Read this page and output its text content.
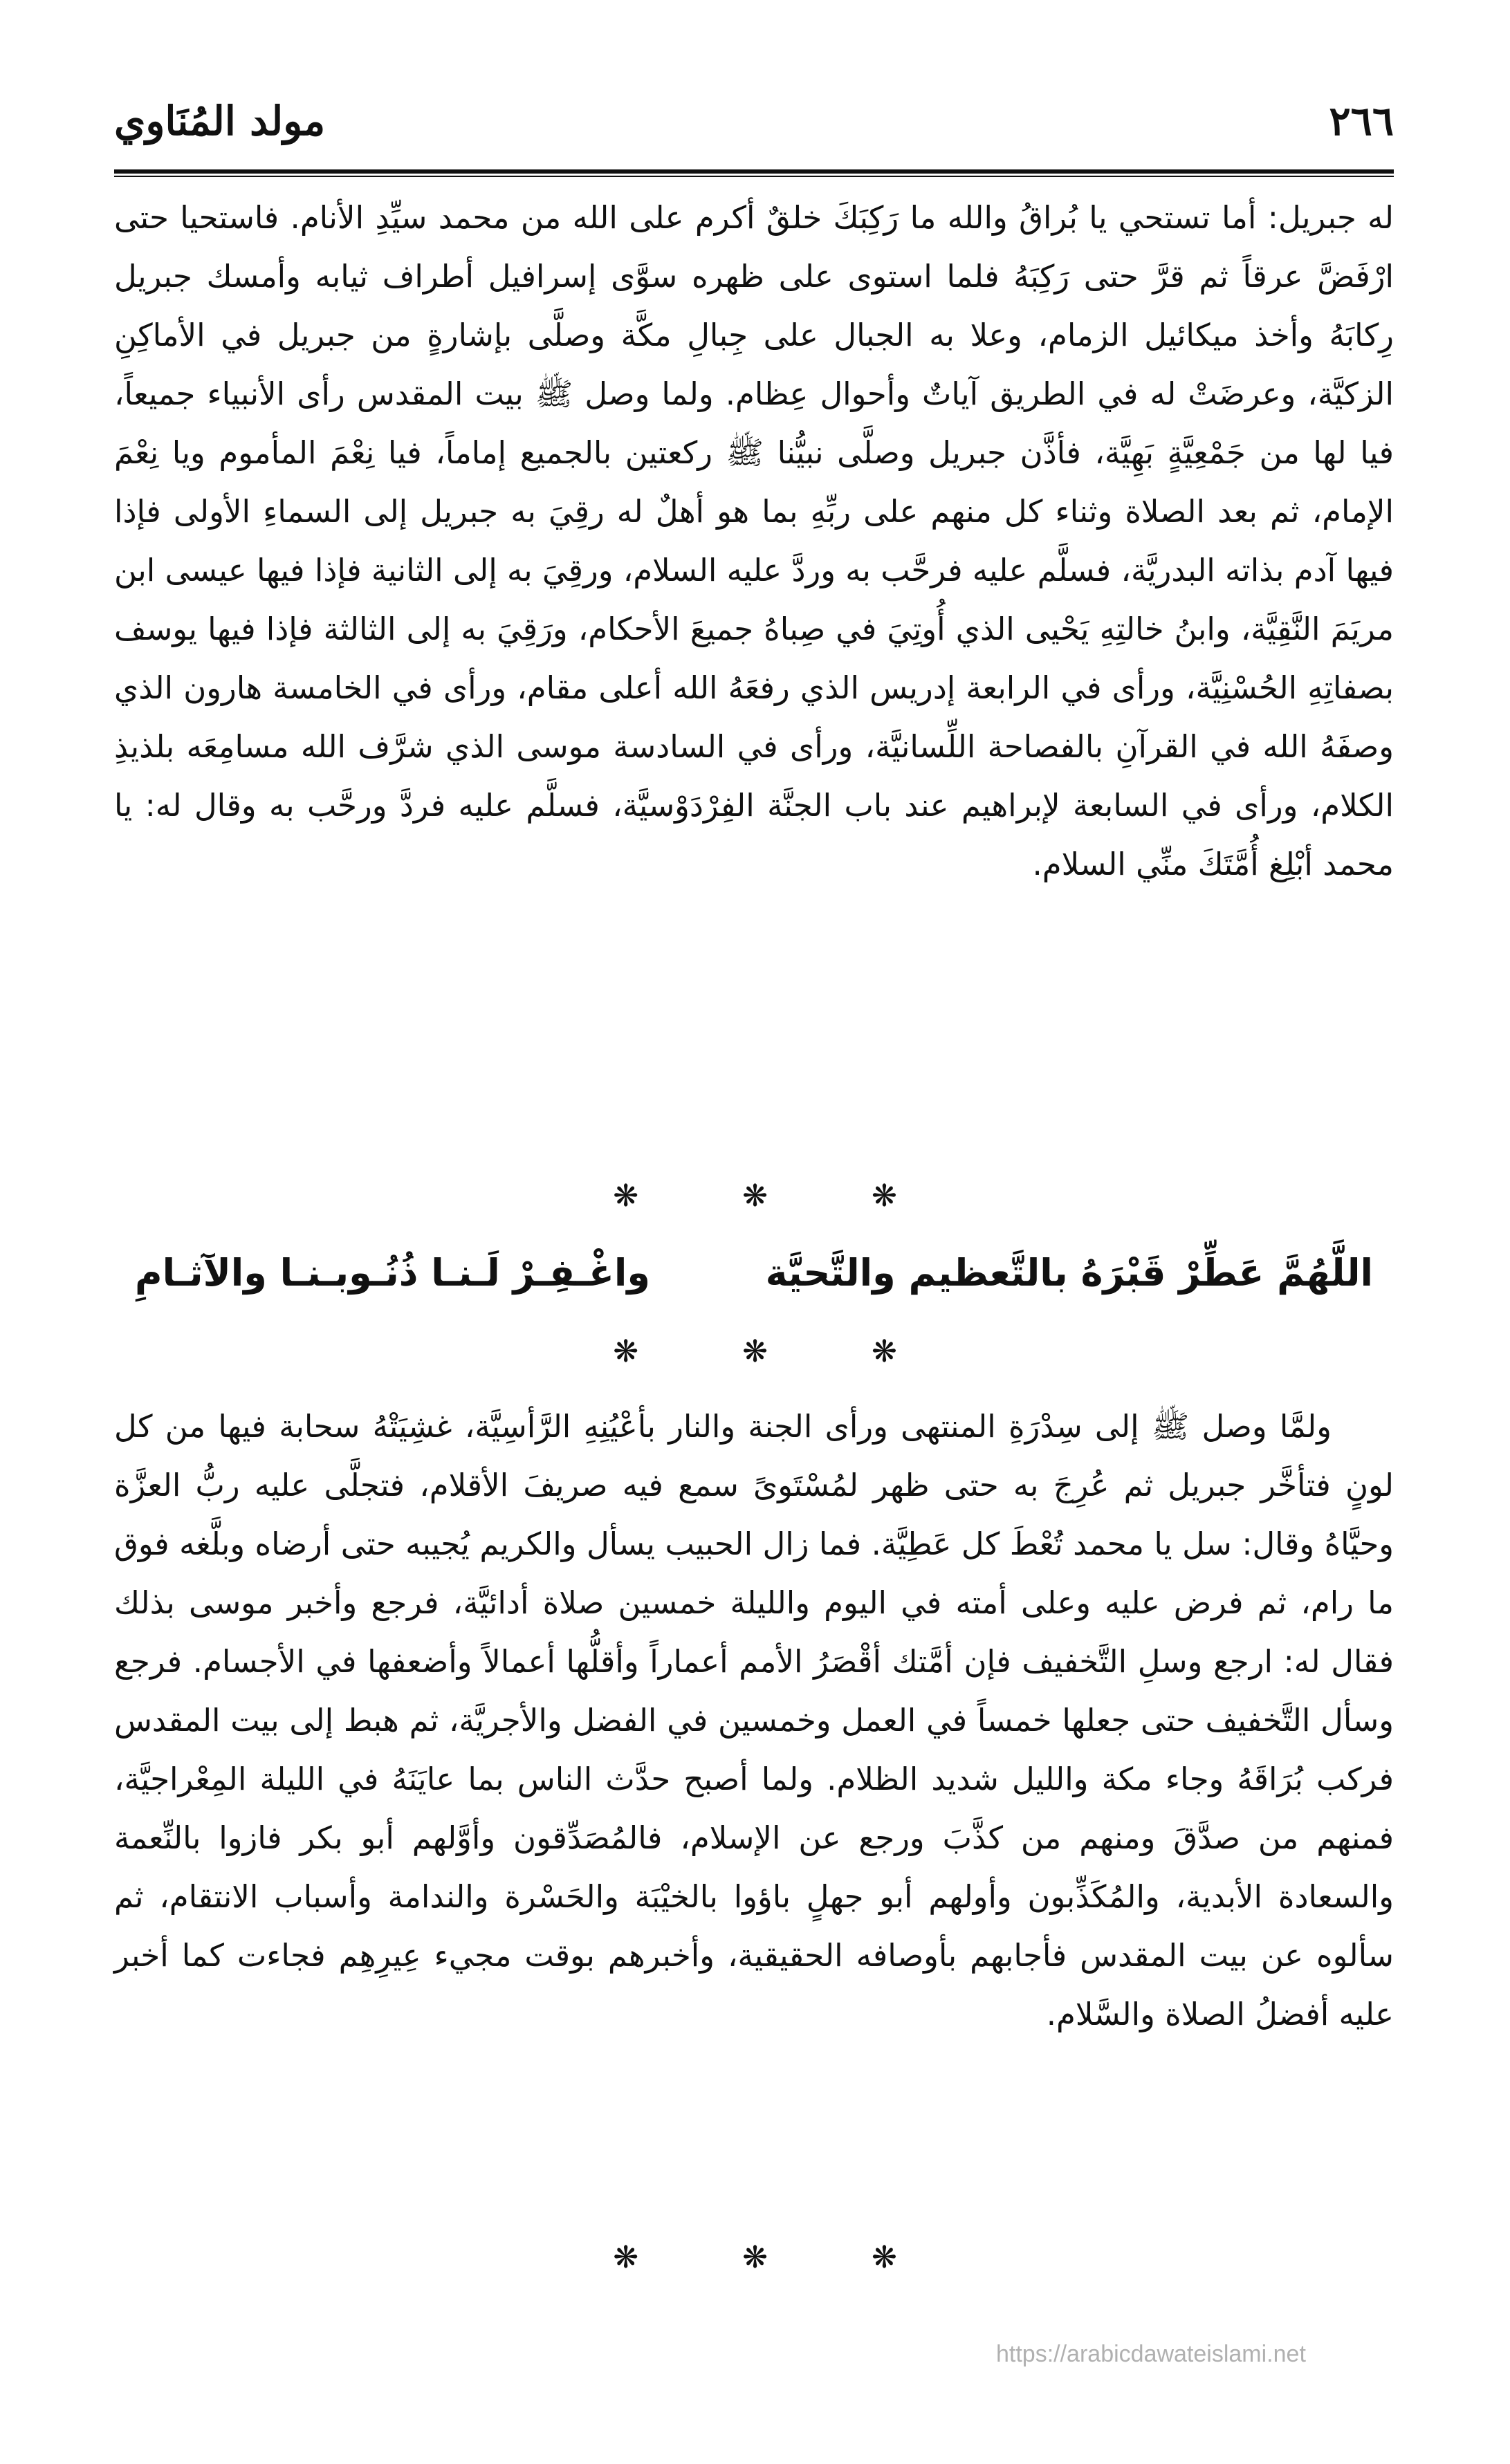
٢٦٦
مولد المُنَاوي

له جبريل: أما تستحي يا بُراقُ والله ما رَكِبَكَ خلقٌ أكرم على الله من محمد سيِّدِ الأنام. فاستحيا حتى ارْفَضَّ عرقاً ثم قرَّ حتى رَكِبَهُ فلما استوى على ظهره سوَّى إسرافيل أطراف ثيابه وأمسك جبريل رِكابَهُ وأخذ ميكائيل الزمام، وعلا به الجبال على جِبالِ مكَّة وصلَّى بإشارةٍ من جبريل في الأماكِنِ الزكيَّة، وعرضَتْ له في الطريق آياتٌ وأحوال عِظام. ولما وصل ﷺ بيت المقدس رأى الأنبياء جميعاً، فيا لها من جَمْعِيَّةٍ بَهِيَّة، فأذَّن جبريل وصلَّى نبيُّنا ﷺ ركعتين بالجميع إماماً، فيا نِعْمَ المأموم ويا نِعْمَ الإمام، ثم بعد الصلاة وثناء كل منهم على ربِّهِ بما هو أهلٌ له رقِيَ به جبريل إلى السماءِ الأولى فإذا فيها آدم بذاته البدريَّة، فسلَّم عليه فرحَّب به وردَّ عليه السلام، ورقِيَ به إلى الثانية فإذا فيها عيسى ابن مريَمَ النَّقِيَّة، وابنُ خالتِهِ يَحْيى الذي أُوتِيَ في صِباهُ جميعَ الأحكام، ورَقِيَ به إلى الثالثة فإذا فيها يوسف بصفاتِهِ الحُسْنِيَّة، ورأى في الرابعة إدريس الذي رفعَهُ الله أعلى مقام، ورأى في الخامسة هارون الذي وصفَهُ الله في القرآنِ بالفصاحة اللِّسانيَّة، ورأى في السادسة موسى الذي شرَّف الله مسامِعَه بلذيذِ الكلام، ورأى في السابعة لإبراهيم عند باب الجنَّة الفِرْدَوْسيَّة، فسلَّم عليه فردَّ ورحَّب به وقال له: يا محمد أبْلِغ أُمَّتَكَ منِّي السلام.

❋	❋	❋
اللَّهُمَّ عَطِّرْ قَبْرَهُ بالتَّعظيم والتَّحيَّة
واغْـفِـرْ لَـنـا ذُنُـوبـنـا والآثـامِ
❋	❋	❋

ولمَّا وصل ﷺ إلى سِدْرَةِ المنتهى ورأى الجنة والنار بأعْيُنِهِ الرَّأسِيَّة، غشِيَتْهُ سحابة فيها من كل لونٍ فتأخَّر جبريل ثم عُرِجَ به حتى ظهر لمُسْتَوىً سمع فيه صريفَ الأقلام، فتجلَّى عليه ربُّ العزَّة وحيَّاهُ وقال: سل يا محمد تُعْطَ كل عَطِيَّة. فما زال الحبيب يسأل والكريم يُجيبه حتى أرضاه وبلَّغه فوق ما رام، ثم فرض عليه وعلى أمته في اليوم والليلة خمسين صلاة أدائيَّة، فرجع وأخبر موسى بذلك فقال له: ارجع وسلِ التَّخفيف فإن أمَّتك أقْصَرُ الأمم أعماراً وأقلُّها أعمالاً وأضعفها في الأجسام. فرجع وسأل التَّخفيف حتى جعلها خمساً في العمل وخمسين في الفضل والأجريَّة، ثم هبط إلى بيت المقدس فركب بُرَاقَهُ وجاء مكة والليل شديد الظلام. ولما أصبح حدَّث الناس بما عايَنَهُ في الليلة المِعْراجيَّة، فمنهم من صدَّقَ ومنهم من كذَّبَ ورجع عن الإسلام، فالمُصَدِّقون وأوَّلهم أبو بكر فازوا بالنِّعمة والسعادة الأبدية، والمُكَذِّبون وأولهم أبو جهلٍ باؤوا بالخيْبَة والحَسْرة والندامة وأسباب الانتقام، ثم سألوه عن بيت المقدس فأجابهم بأوصافه الحقيقية، وأخبرهم بوقت مجيء عِيرِهِم فجاءت كما أخبر عليه أفضلُ الصلاة والسَّلام.

❋	❋	❋
https://arabicdawateislami.net
